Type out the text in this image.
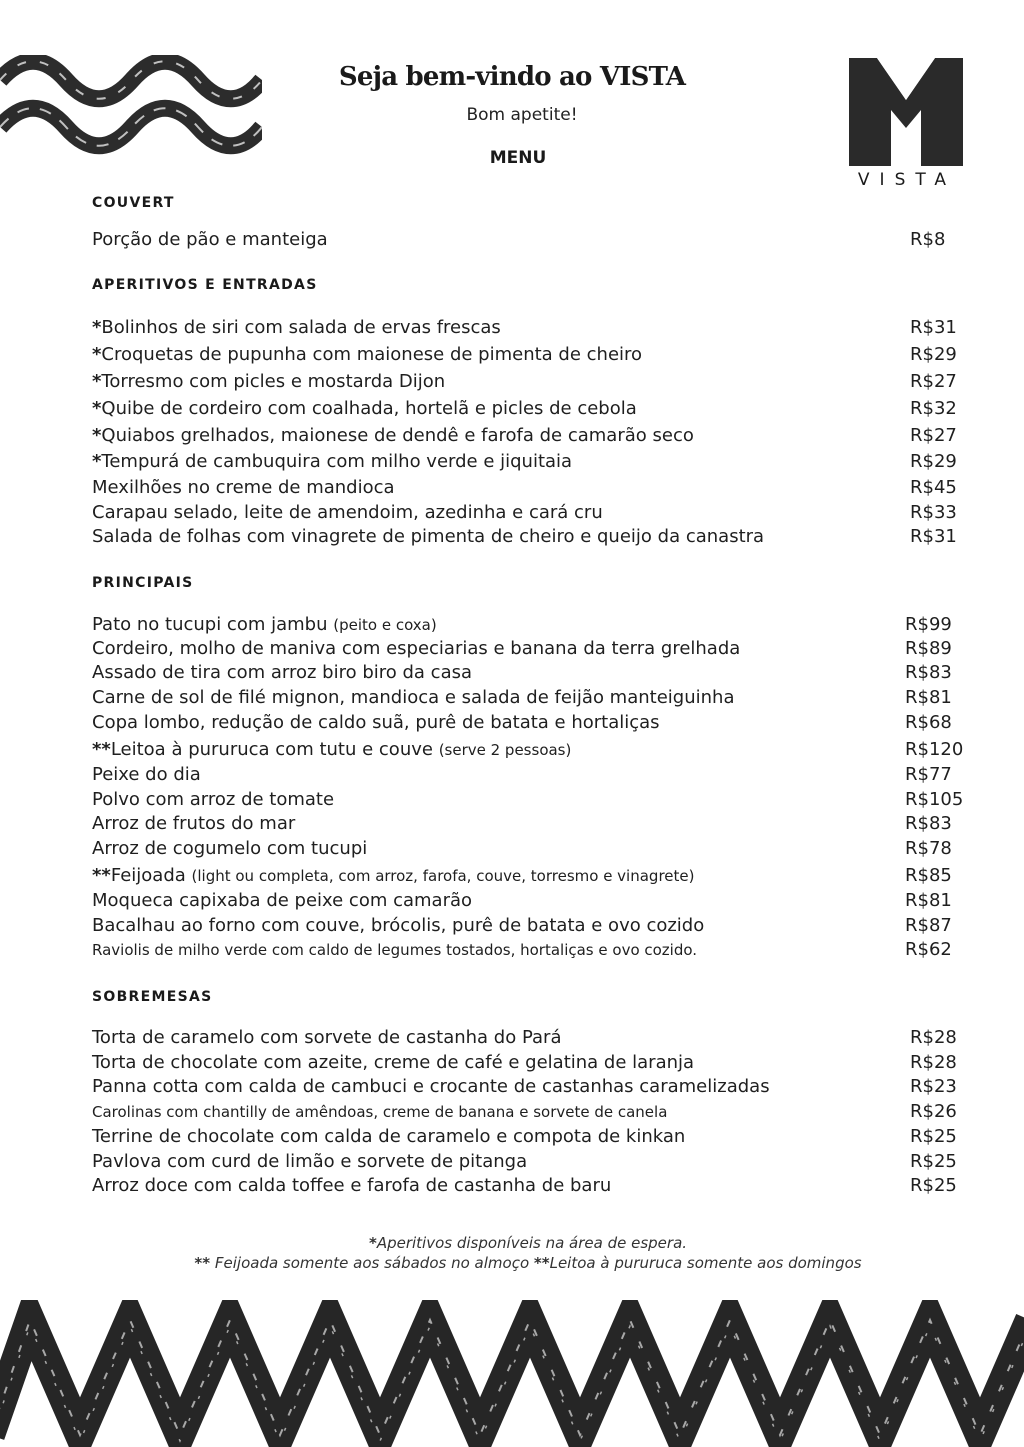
Seja bem-vindo ao VISTA
Bom apetite!
MENU
VISTA
COUVERT
Porção de pão e manteiga	R$8
APERITIVOS E ENTRADAS
*Bolinhos de siri com salada de ervas frescas	R$31
*Croquetas de pupunha com maionese de pimenta de cheiro	R$29
*Torresmo com picles e mostarda Dijon	R$27
*Quibe de cordeiro com coalhada, hortelã e picles de cebola	R$32
*Quiabos grelhados, maionese de dendê e farofa de camarão seco	R$27
*Tempurá de cambuquira com milho verde e jiquitaia	R$29
Mexilhões no creme de mandioca	R$45
Carapau selado, leite de amendoim, azedinha e cará cru	R$33
Salada de folhas com vinagrete de pimenta de cheiro e queijo da canastra	R$31
PRINCIPAIS
Pato no tucupi com jambu (peito e coxa)	R$99
Cordeiro, molho de maniva com especiarias e banana da terra grelhada	R$89
Assado de tira com arroz biro biro da casa	R$83
Carne de sol de filé mignon, mandioca e salada de feijão manteiguinha	R$81
Copa lombo, redução de caldo suã, purê de batata e hortaliças	R$68
**Leitoa à pururuca com tutu e couve (serve 2 pessoas)	R$120
Peixe do dia	R$77
Polvo com arroz de tomate	R$105
Arroz de frutos do mar	R$83
Arroz de cogumelo com tucupi	R$78
**Feijoada (light ou completa, com arroz, farofa, couve, torresmo e vinagrete)	R$85
Moqueca capixaba de peixe com camarão	R$81
Bacalhau ao forno com couve, brócolis, purê de batata e ovo cozido	R$87
Raviolis de milho verde com caldo de legumes tostados, hortaliças e ovo cozido.	R$62
SOBREMESAS
Torta de caramelo com sorvete de castanha do Pará	R$28
Torta de chocolate com azeite, creme de café e gelatina de laranja	R$28
Panna cotta com calda de cambuci e crocante de castanhas caramelizadas	R$23
Carolinas com chantilly de amêndoas, creme de banana e sorvete de canela	R$26
Terrine de chocolate com calda de caramelo e compota de kinkan	R$25
Pavlova com curd de limão e sorvete de pitanga	R$25
Arroz doce com calda toffee e farofa de castanha de baru	R$25
*Aperitivos disponíveis na área de espera.
** Feijoada somente aos sábados no almoço **Leitoa à pururuca somente aos domingos
